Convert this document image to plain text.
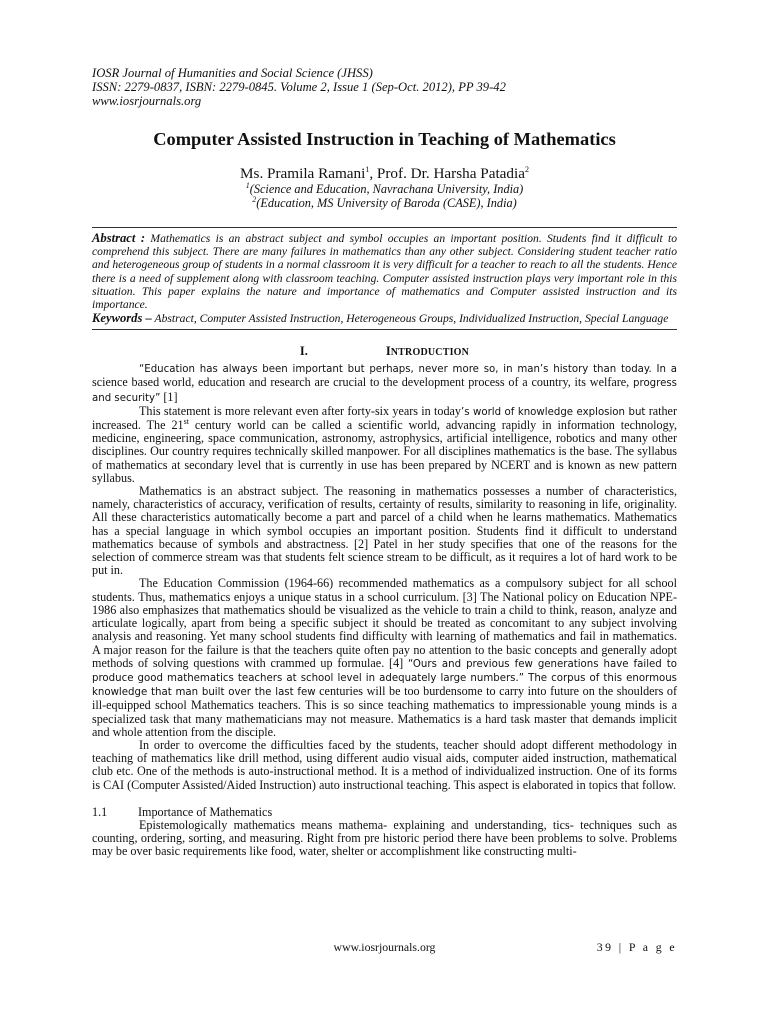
IOSR Journal of Humanities and Social Science (JHSS)
ISSN: 2279-0837, ISBN: 2279-0845. Volume 2, Issue 1 (Sep-Oct. 2012), PP 39-42
www.iosrjournals.org
Computer Assisted Instruction in Teaching of Mathematics
Ms. Pramila Ramani$^1$, Prof. Dr. Harsha Patadia$^2$
$^1$(Science and Education, Navrachana University, India)
$^2$(Education, MS University of Baroda (CASE), India)
Abstract : Mathematics is an abstract subject and symbol occupies an important position. Students find it difficult to comprehend this subject. There are many failures in mathematics than any other subject. Considering student teacher ratio and heterogeneous group of students in a normal classroom it is very difficult for a teacher to reach to all the students. Hence there is a need of supplement along with classroom teaching. Computer assisted instruction plays very important role in this situation. This paper explains the nature and importance of mathematics and Computer assisted instruction and its importance.
Keywords – Abstract, Computer Assisted Instruction, Heterogeneous Groups, Individualized Instruction, Special Language
I.	INTRODUCTION

“Education has always been important but perhaps, never more so, in man’s history than today. In a science based world, education and research are crucial to the development process of a country, its welfare, progress and security” [1]

This statement is more relevant even after forty-six years in today’s world of knowledge explosion but rather increased. The 21st century world can be called a scientific world, advancing rapidly in information technology, medicine, engineering, space communication, astronomy, astrophysics, artificial intelligence, robotics and many other disciplines. Our country requires technically skilled manpower. For all disciplines mathematics is the base. The syllabus of mathematics at secondary level that is currently in use has been prepared by NCERT and is known as new pattern syllabus.

Mathematics is an abstract subject. The reasoning in mathematics possesses a number of characteristics, namely, characteristics of accuracy, verification of results, certainty of results, similarity to reasoning in life, originality. All these characteristics automatically become a part and parcel of a child when he learns mathematics. Mathematics has a special language in which symbol occupies an important position. Students find it difficult to understand mathematics because of symbols and abstractness. [2] Patel in her study specifies that one of the reasons for the selection of commerce stream was that students felt science stream to be difficult, as it requires a lot of hard work to be put in.

The Education Commission (1964-66) recommended mathematics as a compulsory subject for all school students. Thus, mathematics enjoys a unique status in a school curriculum. [3] The National policy on Education NPE- 1986 also emphasizes that mathematics should be visualized as the vehicle to train a child to think, reason, analyze and articulate logically, apart from being a specific subject it should be treated as concomitant to any subject involving analysis and reasoning. Yet many school students find difficulty with learning of mathematics and fail in mathematics. A major reason for the failure is that the teachers quite often pay no attention to the basic concepts and generally adopt methods of solving questions with crammed up formulae. [4] “Ours and previous few generations have failed to produce good mathematics teachers at school level in adequately large numbers.” The corpus of this enormous knowledge that man built over the last few centuries will be too burdensome to carry into future on the shoulders of ill-equipped school Mathematics teachers. This is so since teaching mathematics to impressionable young minds is a specialized task that many mathematicians may not measure. Mathematics is a hard task master that demands implicit and whole attention from the disciple.

In order to overcome the difficulties faced by the students, teacher should adopt different methodology in teaching of mathematics like drill method, using different audio visual aids, computer aided instruction, mathematical club etc. One of the methods is auto-instructional method. It is a method of individualized instruction. One of its forms is CAI (Computer Assisted/Aided Instruction) auto instructional teaching. This aspect is elaborated in topics that follow.

1.1	Importance of Mathematics

Epistemologically mathematics means mathema- explaining and understanding, tics- techniques such as counting, ordering, sorting, and measuring. Right from pre historic period there have been problems to solve. Problems may be over basic requirements like food, water, shelter or accomplishment like constructing multi-

www.iosrjournals.org	39 | P a g e
